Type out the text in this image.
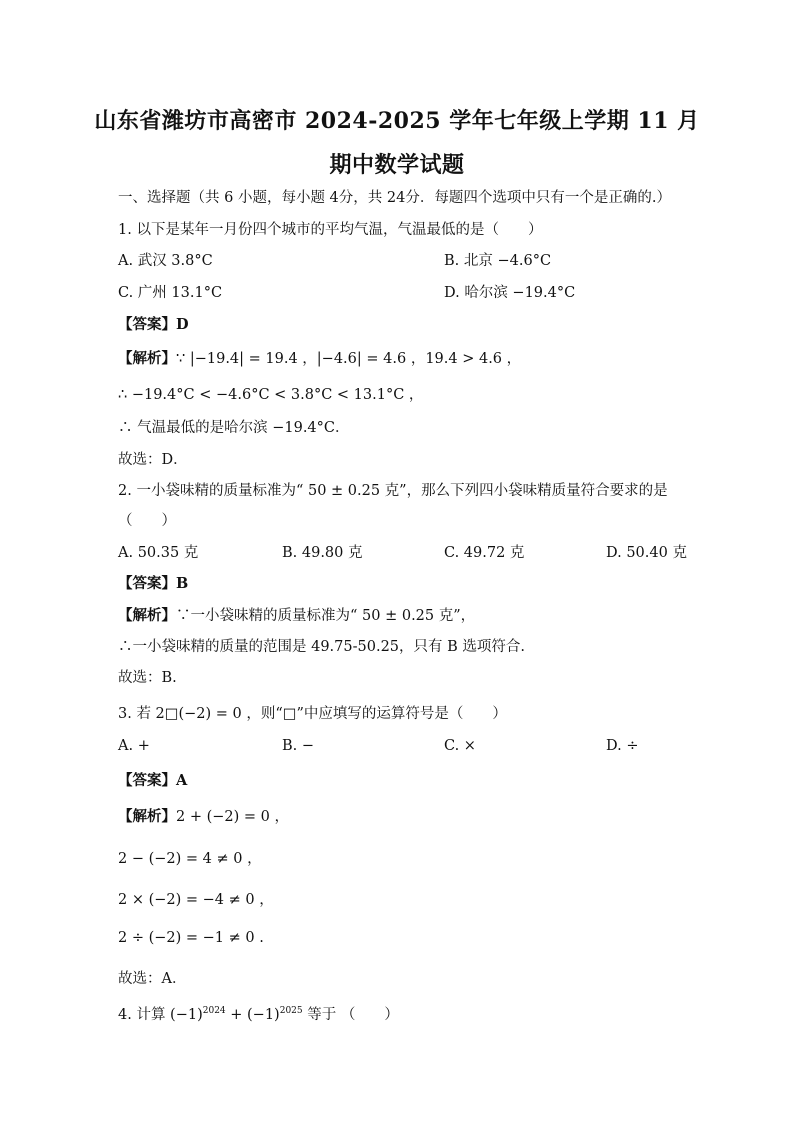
山东省潍坊市高密市 2024-2025 学年七年级上学期 11 月
期中数学试题
一、选择题（共 6 小题，每小题 4分，共 24分．每题四个选项中只有一个是正确的.）
1. 以下是某年一月份四个城市的平均气温，气温最低的是（　　）
A. 武汉 3.8°C	B. 北京 −4.6°C
C. 广州 13.1°C	D. 哈尔滨 −19.4°C
【答案】D
【解析】∵ |−19.4| = 19.4 ，|−4.6| = 4.6 ，19.4 > 4.6 ，
∴ −19.4°C < −4.6°C < 3.8°C < 13.1°C ，
∴ 气温最低的是哈尔滨 −19.4°C．
故选：D．
2. 一小袋味精的质量标准为“ 50 ± 0.25 克”，那么下列四小袋味精质量符合要求的是
（　　）
A. 50.35 克	B. 49.80 克	C. 49.72 克	D. 50.40 克
【答案】B
【解析】∵一小袋味精的质量标准为“ 50 ± 0.25 克”，
∴一小袋味精的质量的范围是 49.75-50.25，只有 B 选项符合.
故选：B.
3. 若 2□(−2) = 0 ，则“□”中应填写的运算符号是（　　）
A. +	B. −	C. ×	D. ÷
【答案】A
【解析】2 + (−2) = 0 ，
2 − (−2) = 4 ≠ 0 ，
2 × (−2) = −4 ≠ 0 ，
2 ÷ (−2) = −1 ≠ 0 .
故选：A．
4. 计算 $(-1)^{2024} + (-1)^{2025}$ 等于 （　　）
